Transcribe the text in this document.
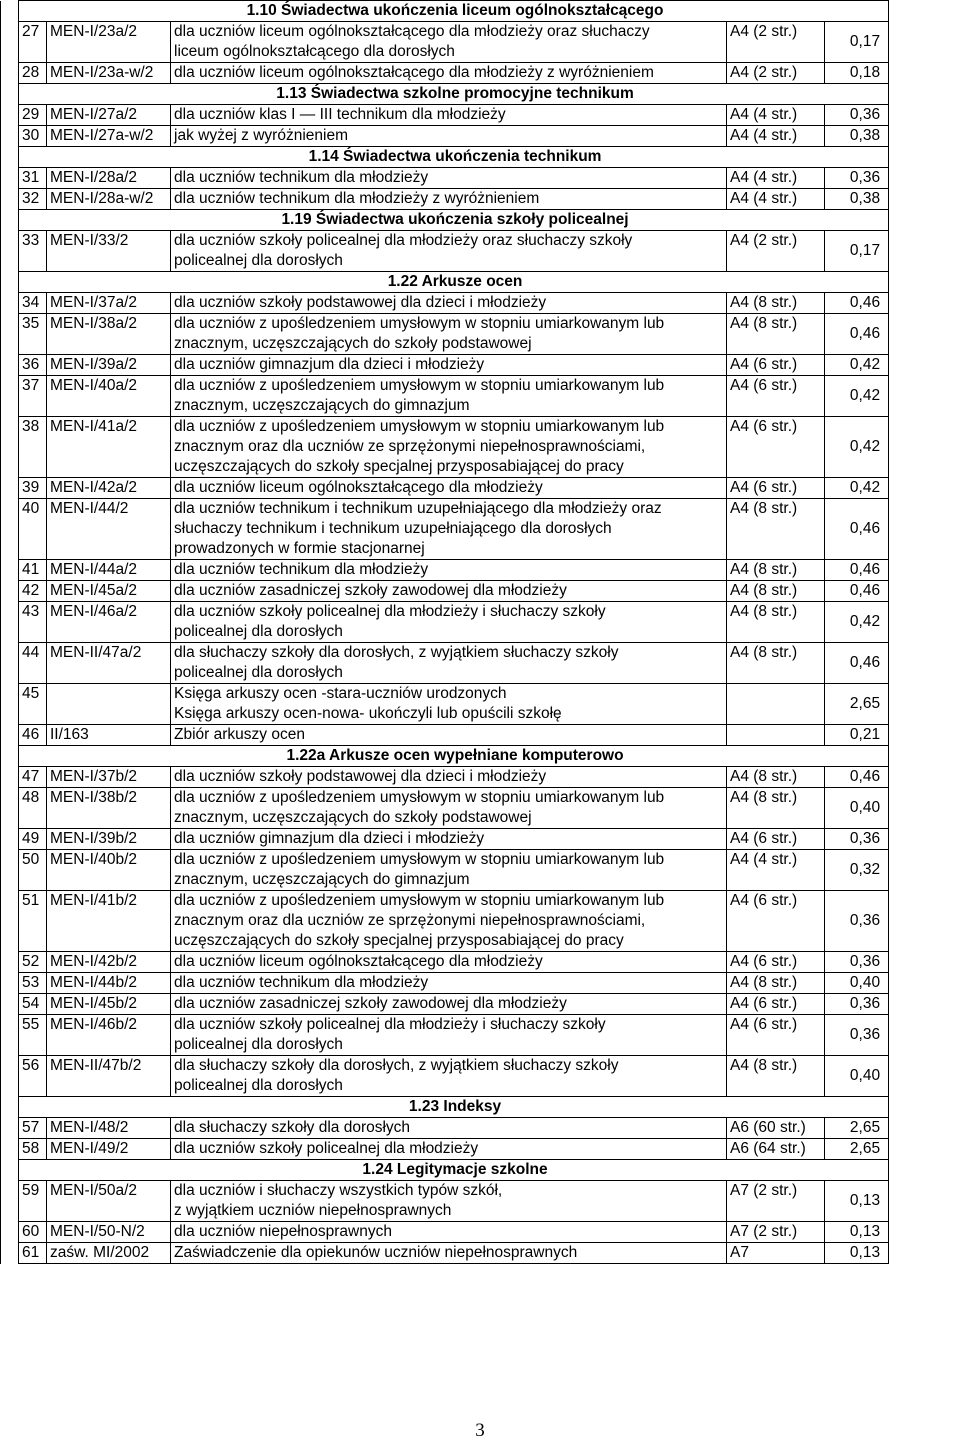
	1.10 Świadectwa ukończenia liceum ogólnokształcącego					
	27	MEN-I/23a/2	dla uczniów liceum ogólnokształcącego dla młodzieży oraz słuchaczy
liceum ogólnokształcącego dla dorosłych	A4 (2 str.)	0,17	
	28	MEN-I/23a-w/2	dla uczniów liceum ogólnokształcącego dla młodzieży z wyróżnieniem	A4 (2 str.)	0,18	
	1.13 Świadectwa szkolne promocyjne technikum					
	29	MEN-I/27a/2	dla uczniów klas I — III technikum dla młodzieży	A4 (4 str.)	0,36	
	30	MEN-I/27a-w/2	jak wyżej z wyróżnieniem	A4 (4 str.)	0,38	
	1.14 Świadectwa ukończenia technikum					
	31	MEN-I/28a/2	dla uczniów technikum dla młodzieży	A4 (4 str.)	0,36	
	32	MEN-I/28a-w/2	dla uczniów technikum dla młodzieży z wyróżnieniem	A4 (4 str.)	0,38	
	1.19 Świadectwa ukończenia szkoły policealnej					
	33	MEN-I/33/2	dla uczniów szkoły policealnej dla młodzieży oraz słuchaczy szkoły
policealnej dla dorosłych	A4 (2 str.)	0,17	
	1.22 Arkusze ocen					
	34	MEN-I/37a/2	dla uczniów szkoły podstawowej dla dzieci i młodzieży	A4 (8 str.)	0,46	
	35	MEN-I/38a/2	dla uczniów z upośledzeniem umysłowym w stopniu umiarkowanym lub
znacznym, uczęszczających do szkoły podstawowej	A4 (8 str.)	0,46	
	36	MEN-I/39a/2	dla uczniów gimnazjum dla dzieci i młodzieży	A4 (6 str.)	0,42	
	37	MEN-I/40a/2	dla uczniów z upośledzeniem umysłowym w stopniu umiarkowanym lub
znacznym, uczęszczających do gimnazjum	A4 (6 str.)	0,42	
	38	MEN-I/41a/2	dla uczniów z upośledzeniem umysłowym w stopniu umiarkowanym lub
znacznym oraz dla uczniów ze sprzężonymi niepełnosprawnościami,
uczęszczających do szkoły specjalnej przysposabiającej do pracy	A4 (6 str.)	0,42	
	39	MEN-I/42a/2	dla uczniów liceum ogólnokształcącego dla młodzieży	A4 (6 str.)	0,42	
	40	MEN-I/44/2	dla uczniów technikum i technikum uzupełniającego dla młodzieży oraz
słuchaczy technikum i technikum uzupełniającego dla dorosłych
prowadzonych w formie stacjonarnej	A4 (8 str.)	0,46	
	41	MEN-I/44a/2	dla uczniów technikum dla młodzieży	A4 (8 str.)	0,46	
	42	MEN-I/45a/2	dla uczniów zasadniczej szkoły zawodowej dla młodzieży	A4 (8 str.)	0,46	
	43	MEN-I/46a/2	dla uczniów szkoły policealnej dla młodzieży i słuchaczy szkoły
policealnej dla dorosłych	A4 (8 str.)	0,42	
	44	MEN-II/47a/2	dla słuchaczy szkoły dla dorosłych, z wyjątkiem słuchaczy szkoły
policealnej dla dorosłych	A4 (8 str.)	0,46	
	45		Księga arkuszy ocen -stara-uczniów urodzonych
Księga arkuszy ocen-nowa- ukończyli lub opuścili szkołę		2,65	
	46	II/163	Zbiór arkuszy ocen		0,21	
	1.22a Arkusze ocen wypełniane komputerowo					
	47	MEN-I/37b/2	dla uczniów szkoły podstawowej dla dzieci i młodzieży	A4 (8 str.)	0,46	
	48	MEN-I/38b/2	dla uczniów z upośledzeniem umysłowym w stopniu umiarkowanym lub
znacznym, uczęszczających do szkoły podstawowej	A4 (8 str.)	0,40	
	49	MEN-I/39b/2	dla uczniów gimnazjum dla dzieci i młodzieży	A4 (6 str.)	0,36	
	50	MEN-I/40b/2	dla uczniów z upośledzeniem umysłowym w stopniu umiarkowanym lub
znacznym, uczęszczających do gimnazjum	A4 (4 str.)	0,32	
	51	MEN-I/41b/2	dla uczniów z upośledzeniem umysłowym w stopniu umiarkowanym lub
znacznym oraz dla uczniów ze sprzężonymi niepełnosprawnościami,
uczęszczających do szkoły specjalnej przysposabiającej do pracy	A4 (6 str.)	0,36	
	52	MEN-I/42b/2	dla uczniów liceum ogólnokształcącego dla młodzieży	A4 (6 str.)	0,36	
	53	MEN-I/44b/2	dla uczniów technikum dla młodzieży	A4 (8 str.)	0,40	
	54	MEN-I/45b/2	dla uczniów zasadniczej szkoły zawodowej dla młodzieży	A4 (6 str.)	0,36	
	55	MEN-I/46b/2	dla uczniów szkoły policealnej dla młodzieży i słuchaczy szkoły
policealnej dla dorosłych	A4 (6 str.)	0,36	
	56	MEN-II/47b/2	dla słuchaczy szkoły dla dorosłych, z wyjątkiem słuchaczy szkoły
policealnej dla dorosłych	A4 (8 str.)	0,40	
	1.23 Indeksy					
	57	MEN-I/48/2	dla słuchaczy szkoły dla dorosłych	A6 (60 str.)	2,65	
	58	MEN-I/49/2	dla uczniów szkoły policealnej dla młodzieży	A6 (64 str.)	2,65	
	1.24 Legitymacje szkolne					
	59	MEN-I/50a/2	dla uczniów i słuchaczy wszystkich typów szkół,
z wyjątkiem uczniów niepełnosprawnych	A7 (2 str.)	0,13	
	60	MEN-I/50-N/2	dla uczniów niepełnosprawnych	A7 (2 str.)	0,13	
	61	zaśw. MI/2002	Zaświadczenie dla opiekunów uczniów niepełnosprawnych	A7	0,13	
3
